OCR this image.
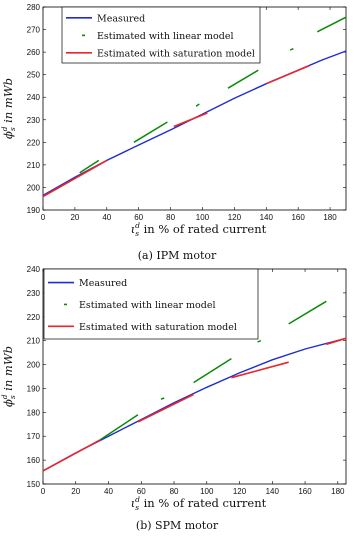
0	20	40	60	80	100 120 140 160 180
190
200
210
220
230
240
250
260
270
280
Measured
Estimated with linear model
Estimated with saturation model
$\iota_sd$ in % of rated current
$\phi_sd$ in mWb
(a) IPM motor
0	20	40	60	80	100 120 140 160 180
150
160
170
180
190
200
210
220
230
240
Measured
Estimated with linear model
Estimated with saturation model
$\iota_sd$ in % of rated current
$\phi_sd$ in mWb
(b) SPM motor
